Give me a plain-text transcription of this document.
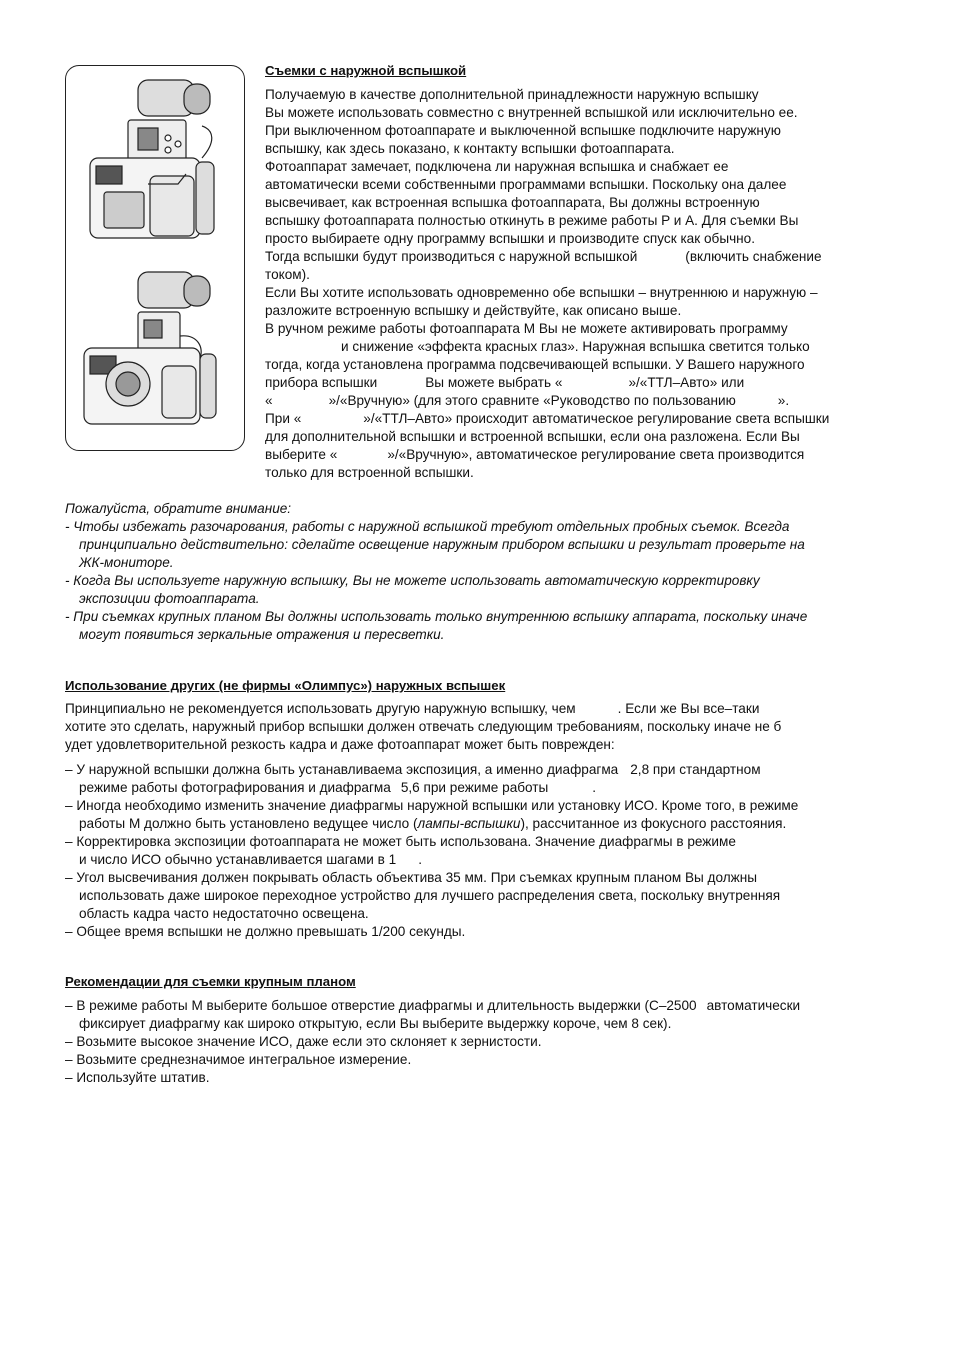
Съемки с наружной вспышкой
Получаемую в качестве дополнительной принадлежности наружную вспышку
Вы можете использовать совместно с внутренней вспышкой или исключительно ее.
При выключенном фотоаппарате и выключенной вспышке подключите наружную
вспышку, как здесь показано, к контакту вспышки фотоаппарата.
Фотоаппарат замечает, подключена ли наружная вспышка и снабжает ее
автоматически всеми собственными программами вспышки. Поскольку она далее
высвечивает, как встроенная вспышка фотоаппарата, Вы должны встроенную
вспышку фотоаппарата полностью откинуть в режиме работы P и A. Для съемки Вы
просто выбираете одну программу вспышки и производите спуск как обычно.
Тогда вспышки будут производиться с наружной вспышкой	(включить снабжение
током).
Если Вы хотите использовать одновременно обе вспышки – внутреннюю и наружную –
разложите встроенную вспышку и действуйте, как описано выше.
В ручном режиме работы фотоаппарата M Вы не можете активировать программу
и снижение «эффекта красных глаз». Наружная вспышка светится только
тогда, когда установлена программа подсвечивающей вспышки. У Вашего наружного
прибора вспышки	Вы можете выбрать «	»/«ТТЛ–Авто» или
«	»/«Вручную» (для этого сравните «Руководство по пользованию	».
При «	»/«ТТЛ–Авто» происходит автоматическое регулирование света вспышки
для дополнительной вспышки и встроенной вспышки, если она разложена. Если Вы
выберите «	»/«Вручную», автоматическое регулирование света производится
только для встроенной вспышки.
Пожалуйста, обратите внимание:
- Чтобы избежать разочарования, работы с наружной вспышкой требуют отдельных пробных съемок. Всегда
принципиально действительно: сделайте освещение наружным прибором вспышки и результат проверьте на
ЖК-мониторе.
- Когда Вы используете наружную вспышку, Вы не можете использовать автоматическую корректировку
экспозиции фотоаппарата.
- При съемках крупных планом Вы должны использовать только внутреннюю вспышку аппарата, поскольку иначе
могут появиться зеркальные отражения и пересветки.
Использование других (не фирмы «Олимпус») наружных вспышек
Принципиально не рекомендуется использовать другую наружную вспышку, чем	. Если же Вы все–таки
хотите это сделать, наружный прибор вспышки должен отвечать следующим требованиям, поскольку иначе не б
удет удовлетворительной резкость кадра и даже фотоаппарат может быть поврежден:
– У наружной вспышки должна быть устанавливаема экспозиция, а именно диафрагма 2,8 при стандартном
режиме работы фотографирования и диафрагма 5,6 при режиме работы	.
– Иногда необходимо изменить значение диафрагмы наружной вспышки или установку ИСО. Кроме того, в режиме
работы M должно быть установлено ведущее число (лампы-вспышки), рассчитанное из фокусного расстояния.
– Корректировка экспозиции фотоаппарата не может быть использована. Значение диафрагмы в режиме
и число ИСО обычно устанавливается шагами в 1 .
– Угол высвечивания должен покрывать область объектива 35 мм. При съемках крупным планом Вы должны
использовать даже широкое переходное устройство для лучшего распределения света, поскольку внутренняя
область кадра часто недостаточно освещена.
– Общее время вспышки не должно превышать 1/200 секунды.
Рекомендации для съемки крупным планом
– В режиме работы M выберите большое отверстие диафрагмы и длительность выдержки (C–2500 автоматически
фиксирует диафрагму как широко открытую, если Вы выберите выдержку короче, чем 8 сек).
– Возьмите высокое значение ИСО, даже если это склоняет к зернистости.
– Возьмите среднезначимое интегральное измерение.
– Используйте штатив.
